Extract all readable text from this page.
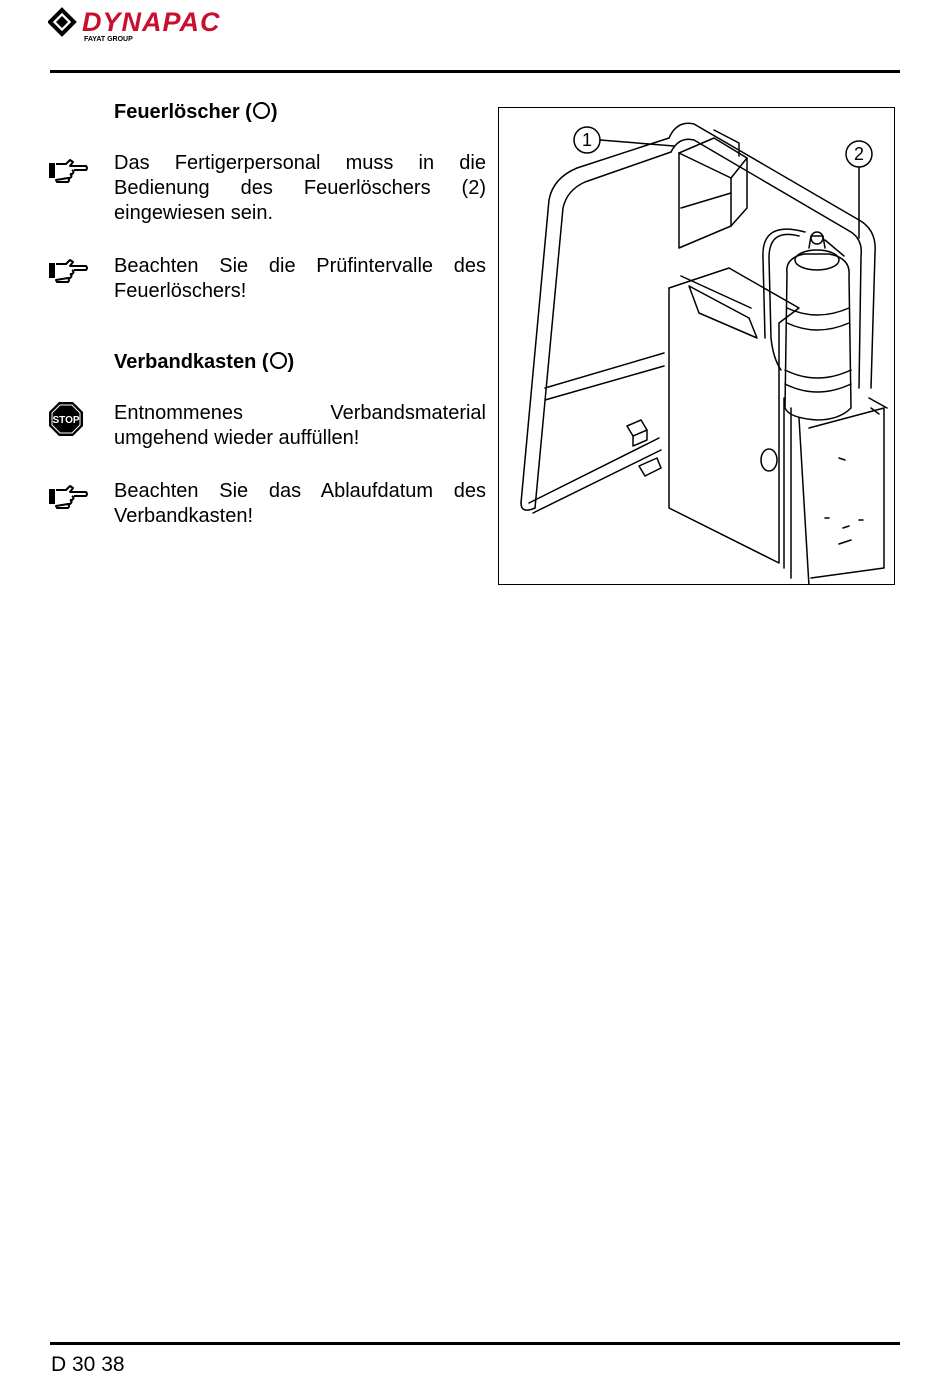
DYNAPAC
FAYAT GROUP
Feuerlöscher ( )
Das Fertigerpersonal muss in die Bedienung des Feuerlöschers (2) eingewiesen sein.
Beachten Sie die Prüfintervalle des Feuerlöschers!
Verbandkasten ( )
STOP Entnommenes Verbandsmaterial umgehend wieder auffüllen!
Beachten Sie das Ablaufdatum des Verbandkasten!
1
2
D 30 38
